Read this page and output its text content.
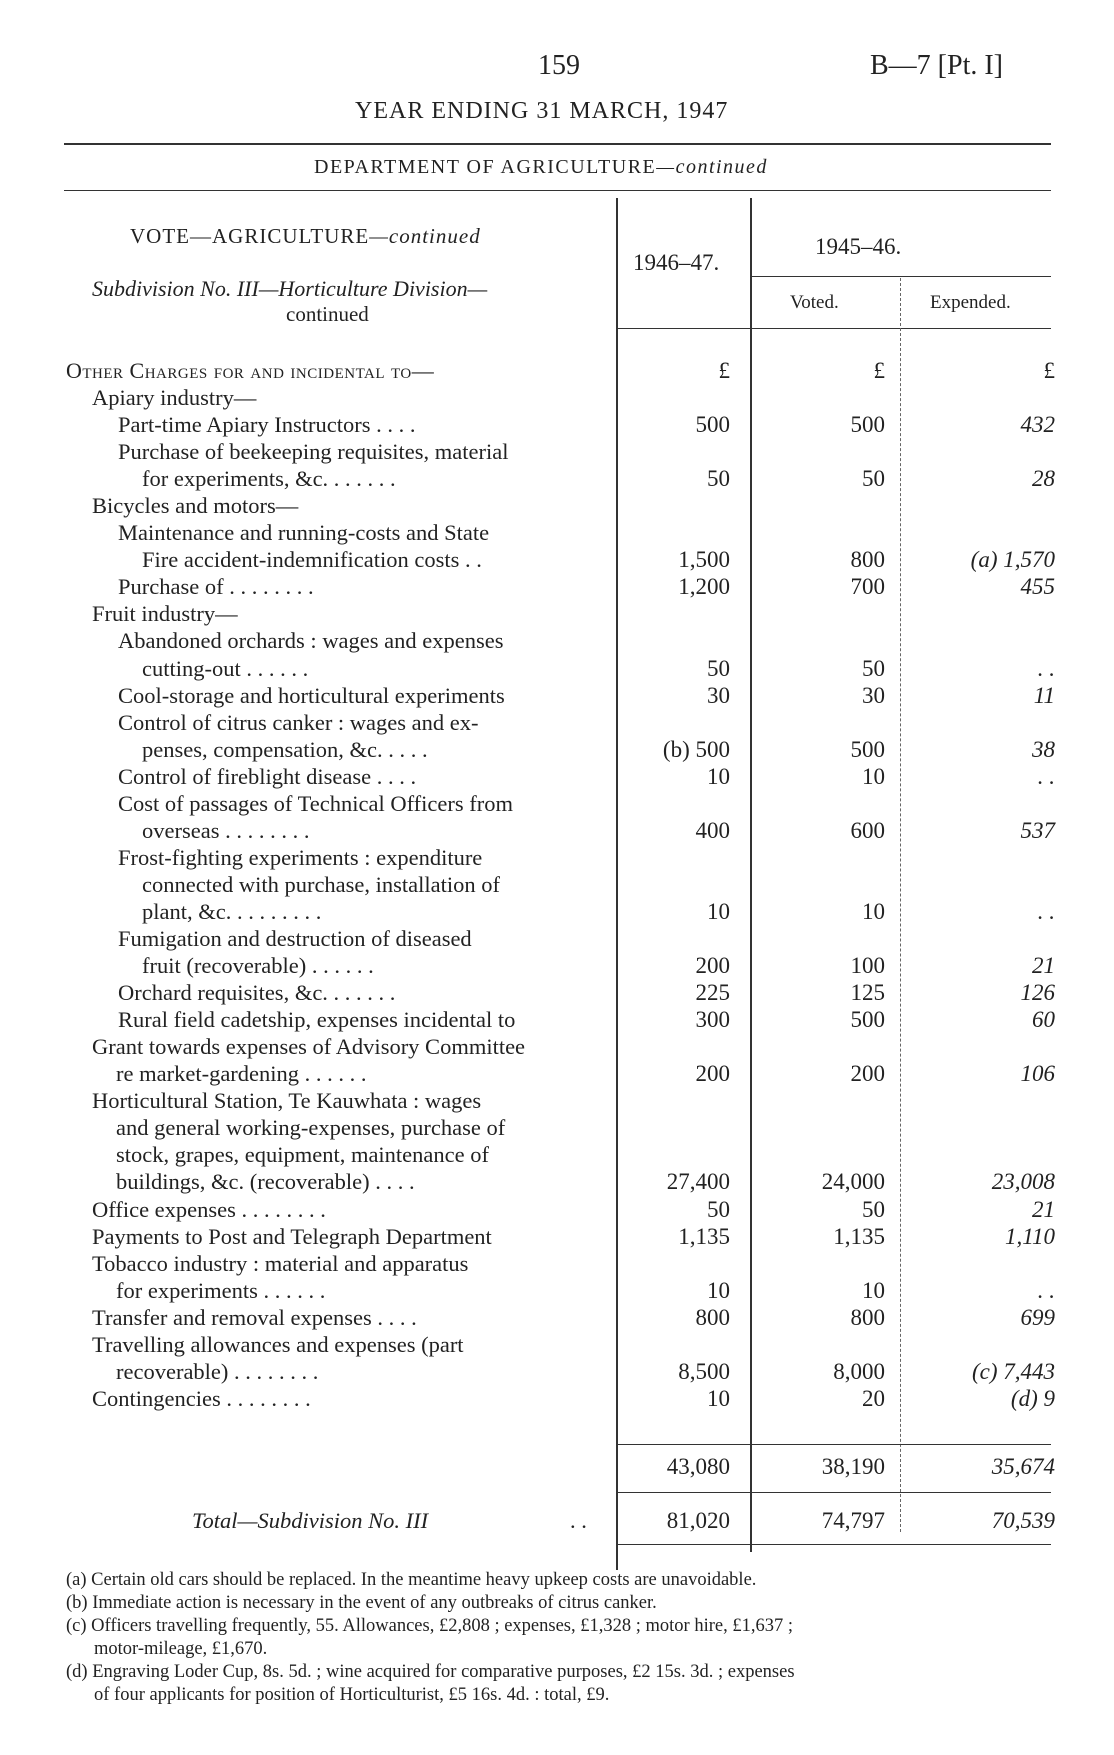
159	B—7 [Pt. I]
YEAR ENDING 31 MARCH, 1947
DEPARTMENT OF AGRICULTURE—continued
VOTE—AGRICULTURE—continued
Subdivision No. III—Horticulture Division—
continued
1946–47.
1945–46.
Voted.	Expended.
Other Charges for and incidental to—	£	£	£
Apiary industry—
Part-time Apiary Instructors . . . .	500	500	432
Purchase of beekeeping requisites, material
for experiments, &c. . . . . . .	50	50	28
Bicycles and motors—
Maintenance and running-costs and State
Fire accident-indemnification costs . .	1,500	800	(a) 1,570
Purchase of . . . . . . . .	1,200	700	455
Fruit industry—
Abandoned orchards : wages and expenses
cutting-out . . . . . .	50	50	. .
Cool-storage and horticultural experiments	30	30	11
Control of citrus canker : wages and ex-
penses, compensation, &c. . . . .	(b) 500	500	38
Control of fireblight disease . . . .	10	10	. .
Cost of passages of Technical Officers from
overseas . . . . . . . .	400	600	537
Frost-fighting experiments : expenditure
connected with purchase, installation of
plant, &c. . . . . . . . .	10	10	. .
Fumigation and destruction of diseased
fruit (recoverable) . . . . . .	200	100	21
Orchard requisites, &c. . . . . . .	225	125	126
Rural field cadetship, expenses incidental to	300	500	60
Grant towards expenses of Advisory Committee
re market-gardening . . . . . .	200	200	106
Horticultural Station, Te Kauwhata : wages
and general working-expenses, purchase of
stock, grapes, equipment, maintenance of
buildings, &c. (recoverable) . . . .	27,400	24,000	23,008
Office expenses . . . . . . . .	50	50	21
Payments to Post and Telegraph Department	1,135	1,135	1,110
Tobacco industry : material and apparatus
for experiments . . . . . .	10	10	. .
Transfer and removal expenses . . . .	800	800	699
Travelling allowances and expenses (part
recoverable) . . . . . . . .	8,500	8,000	(c) 7,443
Contingencies . . . . . . . .	10	20	(d) 9
43,080	38,190	35,674
Total—Subdivision No. III	. .	81,020	74,797	70,539
(a) Certain old cars should be replaced. In the meantime heavy upkeep costs are unavoidable.
(b) Immediate action is necessary in the event of any outbreaks of citrus canker.
(c) Officers travelling frequently, 55. Allowances, £2,808 ; expenses, £1,328 ; motor hire, £1,637 ;
motor-mileage, £1,670.
(d) Engraving Loder Cup, 8s. 5d. ; wine acquired for comparative purposes, £2 15s. 3d. ; expenses
of four applicants for position of Horticulturist, £5 16s. 4d. : total, £9.
